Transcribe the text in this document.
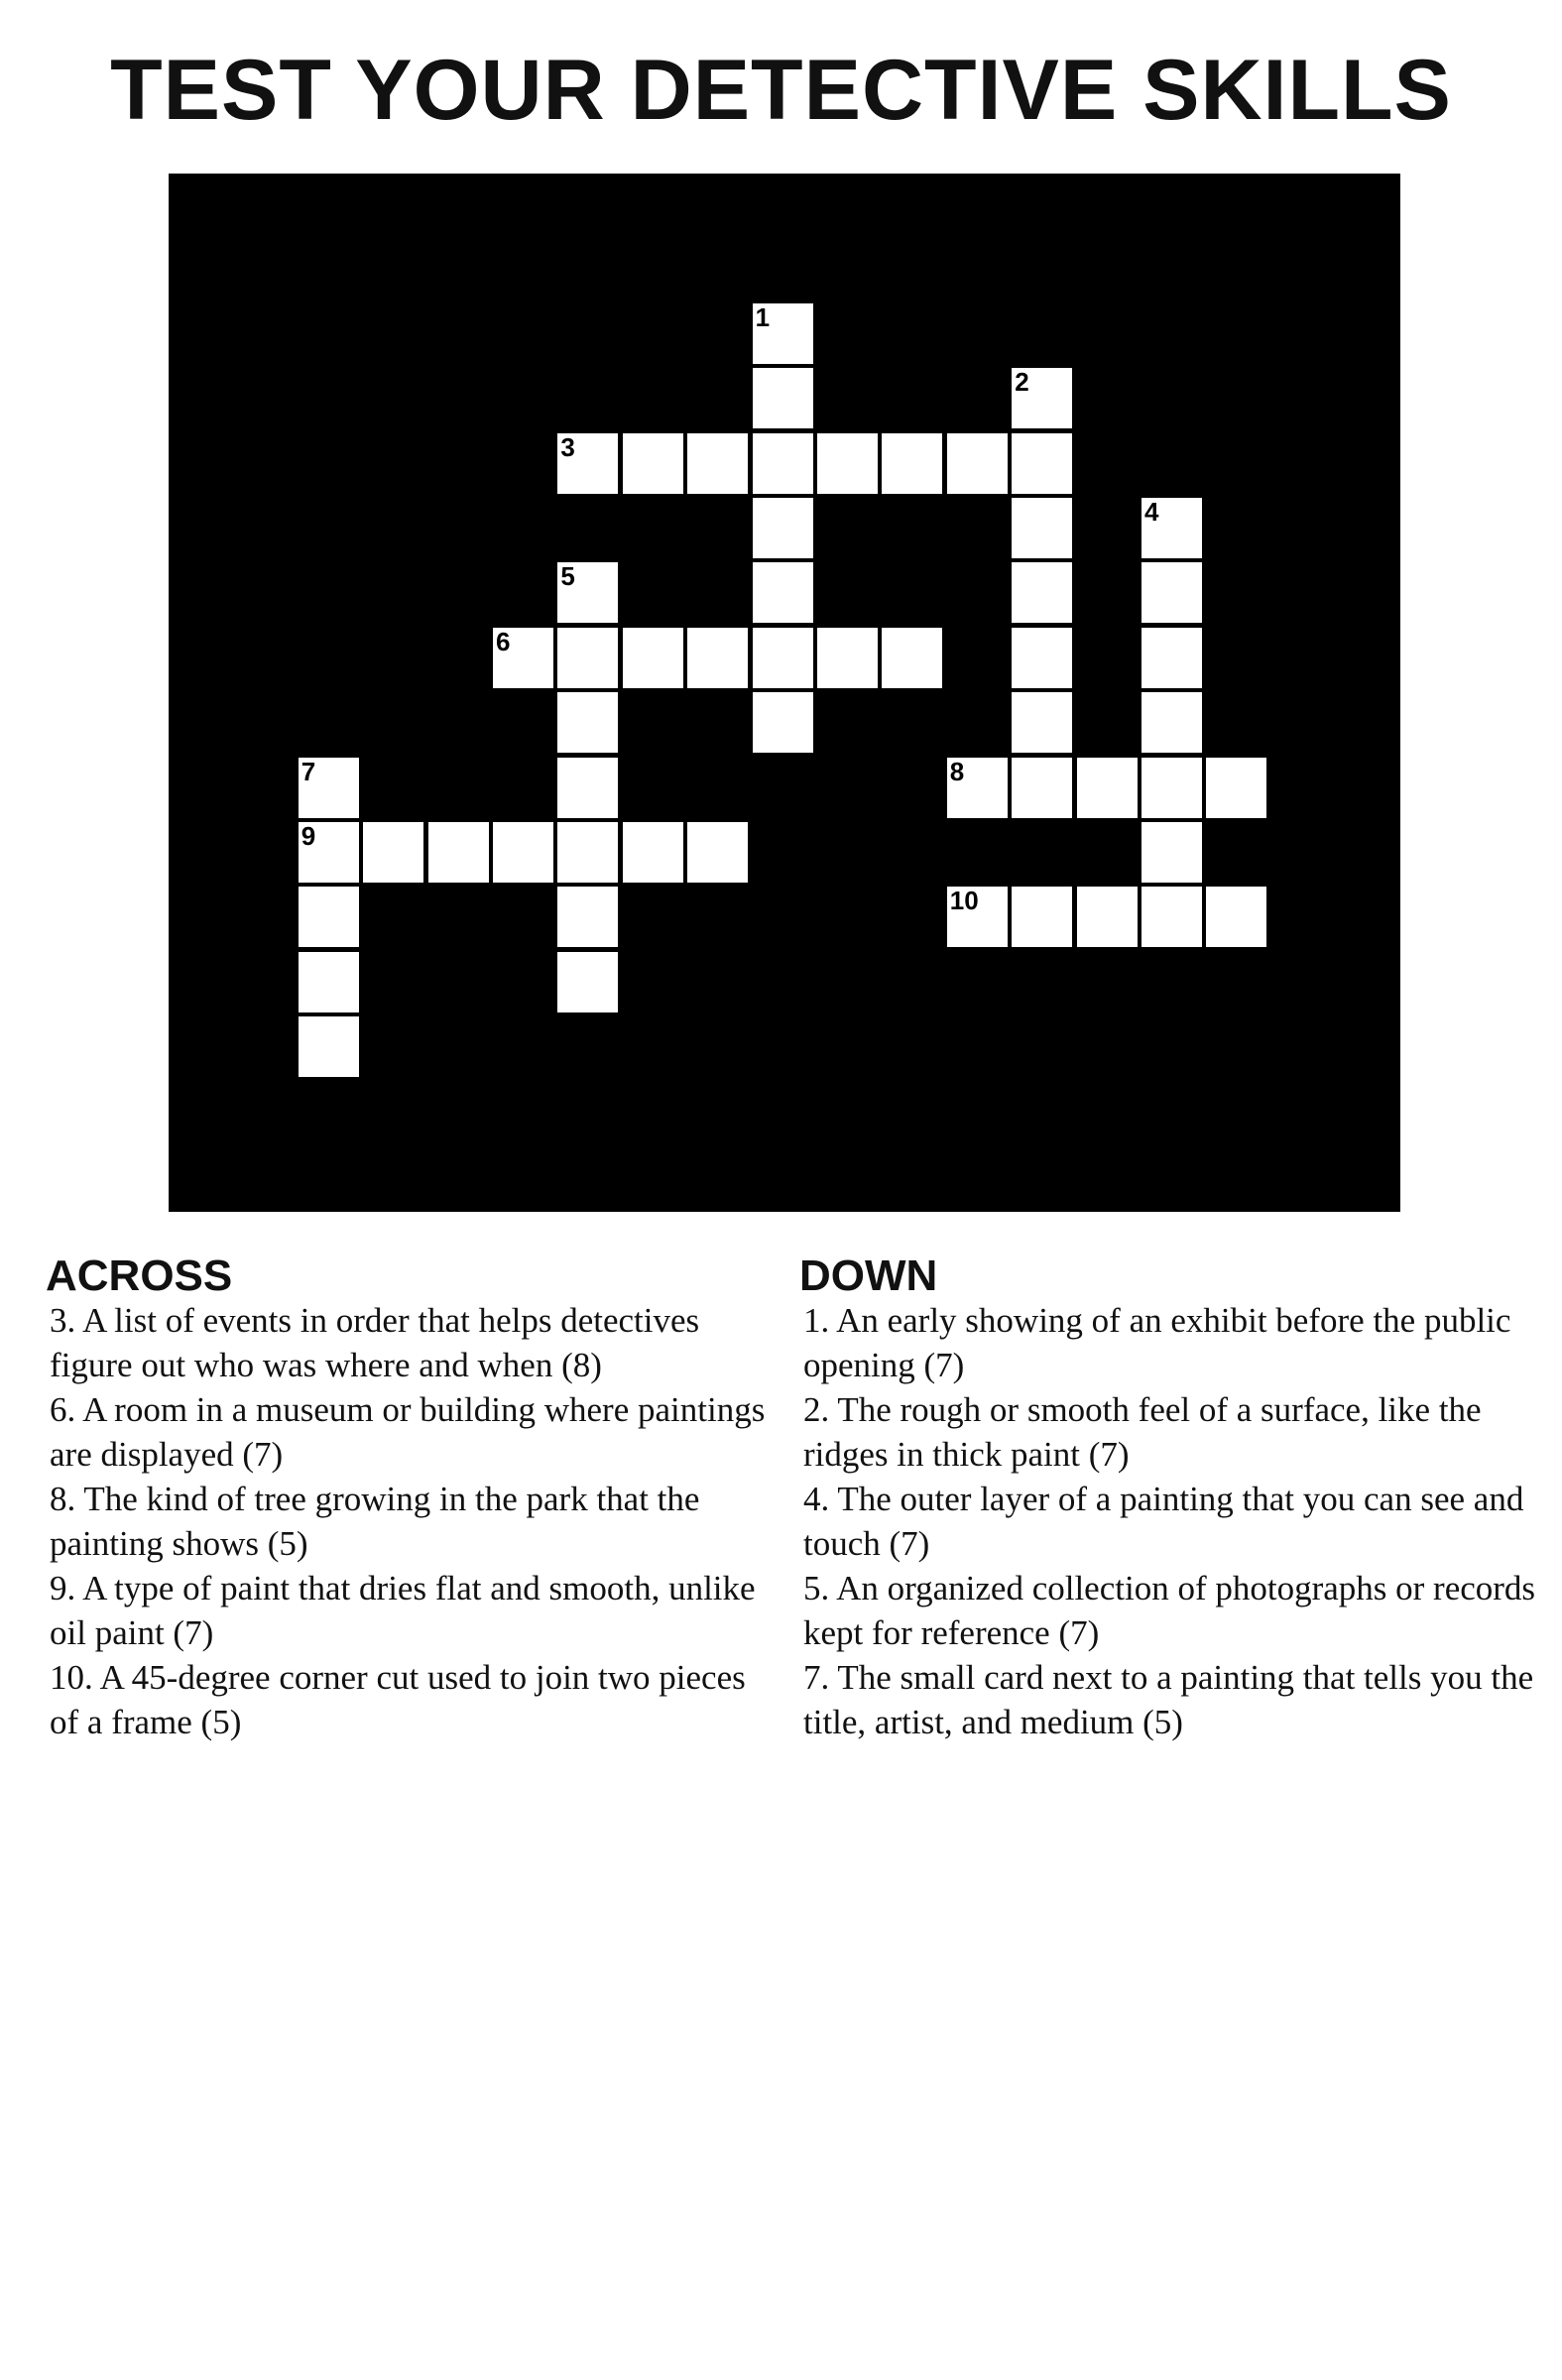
TEST YOUR DETECTIVE SKILLS
1
2
3
4
5
6
7
9
8
10
ACROSS
3. A list of events in order that helps detectives figure out who was where and when (8)
6. A room in a museum or building where paintings are displayed (7)
8. The kind of tree growing in the park that the painting shows (5)
9. A type of paint that dries flat and smooth, unlike oil paint (7)
10. A 45-degree corner cut used to join two pieces of a frame (5)
DOWN
1. An early showing of an exhibit before the public opening (7)
2. The rough or smooth feel of a surface, like the ridges in thick paint (7)
4. The outer layer of a painting that you can see and touch (7)
5. An organized collection of photographs or records kept for reference (7)
7. The small card next to a painting that tells you the title, artist, and medium (5)
